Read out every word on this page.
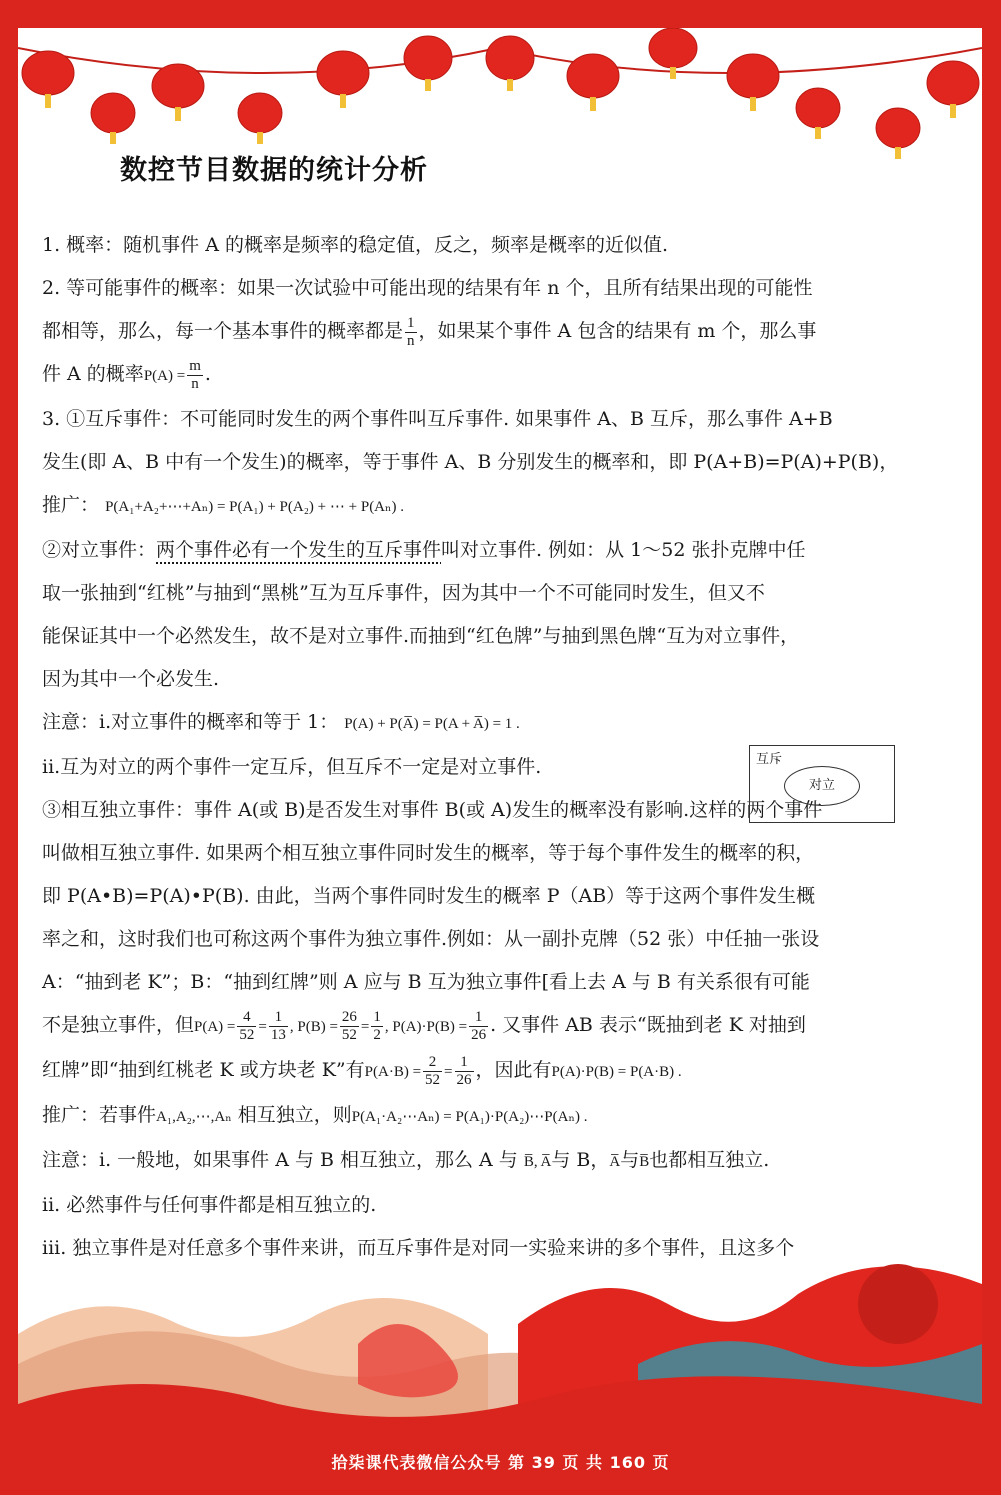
数控节目数据的统计分析

1. 概率：随机事件 A 的概率是频率的稳定值，反之，频率是概率的近似值.

2. 等可能事件的概率：如果一次试验中可能出现的结果有年 n 个，且所有结果出现的可能性

都相等，那么，每一个基本事件的概率都是 $\frac{1}{n}$ ，如果某个事件 A 包含的结果有 m 个，那么事

件 A 的概率$P(A) = \frac{m}{n}$ .

3. ①互斥事件：不可能同时发生的两个事件叫互斥事件. 如果事件 A、B 互斥，那么事件 A+B

发生(即 A、B 中有一个发生)的概率，等于事件 A、B 分别发生的概率和，即 P(A+B)=P(A)+P(B)，

推广： P(A₁+A₂+⋯+Aₙ) = P(A₁) + P(A₂) + ⋯ + P(Aₙ) .

②对立事件：两个事件必有一个发生的互斥事件叫对立事件. 例如：从 1～52 张扑克牌中任

取一张抽到“红桃”与抽到“黑桃”互为互斥事件，因为其中一个不可能同时发生，但又不

能保证其中一个必然发生，故不是对立事件.而抽到“红色牌”与抽到黑色牌“互为对立事件，

因为其中一个必发生.

注意：i.对立事件的概率和等于 1： P(A) + P(A̅) = P(A + A̅) = 1 .

ii.互为对立的两个事件一定互斥，但互斥不一定是对立事件.

③相互独立事件：事件 A(或 B)是否发生对事件 B(或 A)发生的概率没有影响.这样的两个事件

叫做相互独立事件. 如果两个相互独立事件同时发生的概率，等于每个事件发生的概率的积，

即 P(A•B)=P(A)•P(B). 由此，当两个事件同时发生的概率 P（AB）等于这两个事件发生概

率之和，这时我们也可称这两个事件为独立事件.例如：从一副扑克牌（52 张）中任抽一张设

A：“抽到老 K”；B：“抽到红牌”则 A 应与 B 互为独立事件[看上去 A 与 B 有关系很有可能

不是独立事件，但$P(A) = \frac{4}{52} = \frac{1}{13}$ , $P(B) = \frac{26}{52} = \frac{1}{2}$ , $P(A)\cdot P(B) = \frac{1}{26}$ . 又事件 AB 表示“既抽到老 K 对抽到

红牌”即“抽到红桃老 K 或方块老 K”有$P(A\cdot B) = \frac{2}{52} = \frac{1}{26}$ ，因此有P(A)·P(B) = P(A·B) .

推广：若事件A₁,A₂,⋯,Aₙ 相互独立，则P(A₁·A₂⋯Aₙ) = P(A₁)·P(A₂)⋯P(Aₙ) .

注意：i. 一般地，如果事件 A 与 B 相互独立，那么 A 与 B̅, A̅与 B，A̅与B̅也都相互独立.

ii. 必然事件与任何事件都是相互独立的.

iii. 独立事件是对任意多个事件来讲，而互斥事件是对同一实验来讲的多个事件，且这多个

互斥
对立
拾柒课代表微信公众号 第 39 页 共 160 页
